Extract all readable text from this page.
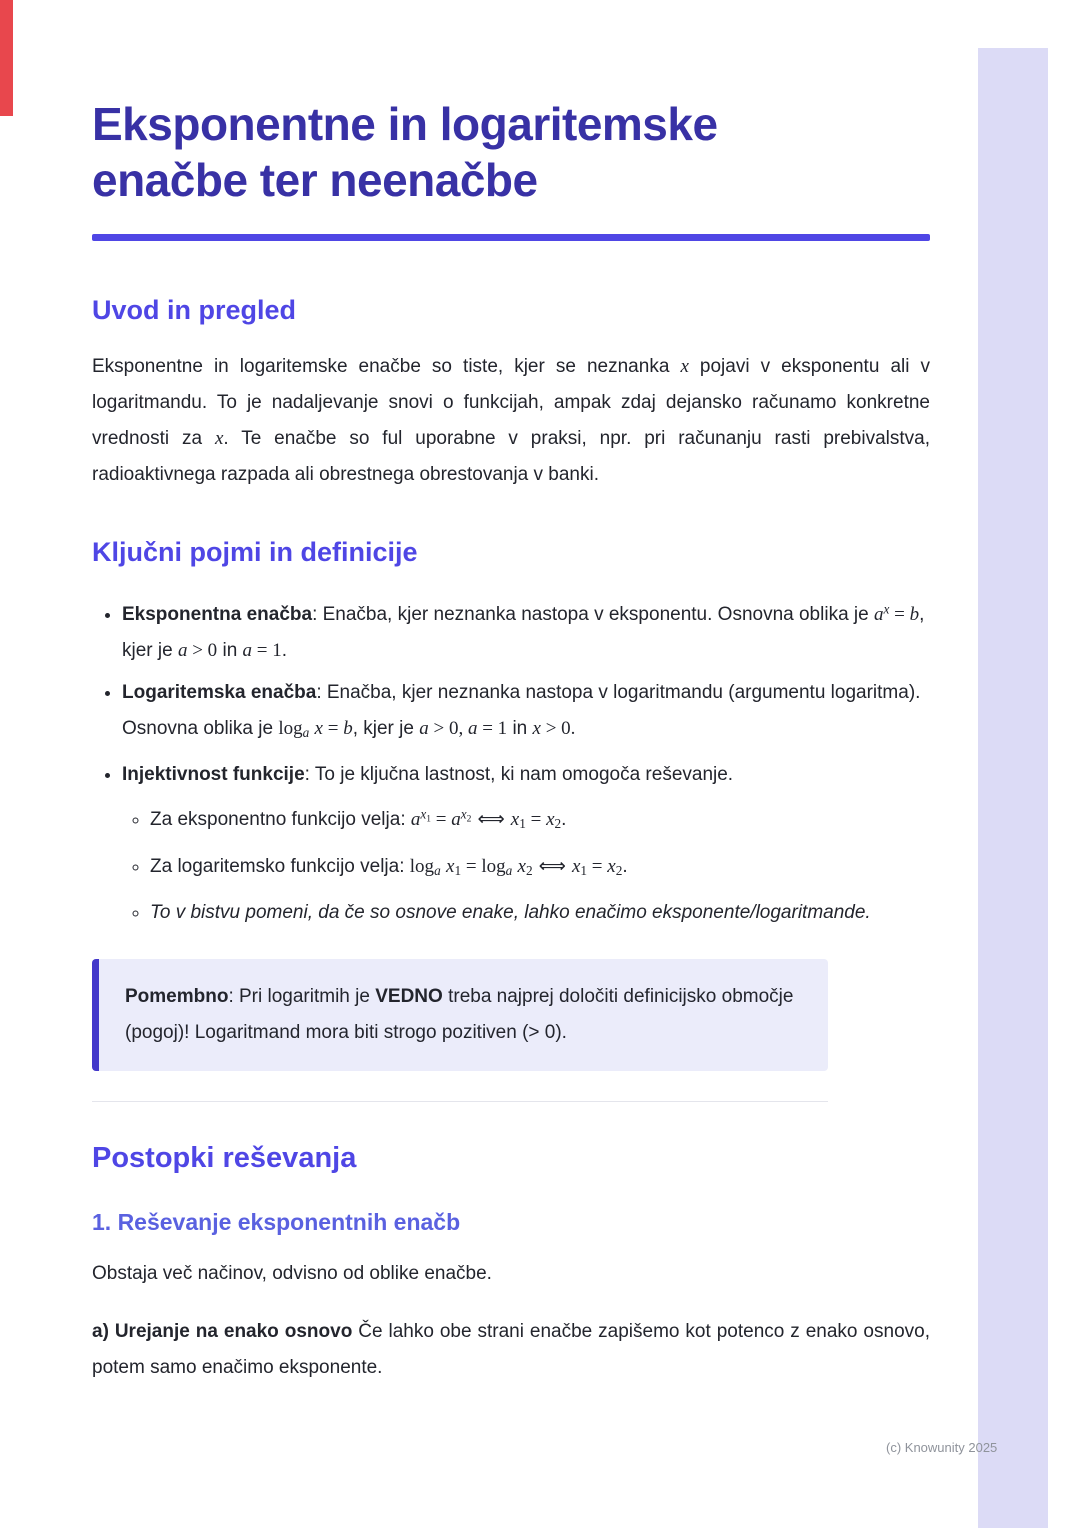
Eksponentne in logaritemske
enačbe ter neenačbe
Uvod in pregled

Eksponentne in logaritemske enačbe so tiste, kjer se neznanka x pojavi v eksponentu ali v logaritmandu. To je nadaljevanje snovi o funkcijah, ampak zdaj dejansko računamo konkretne vrednosti za x. Te enačbe so ful uporabne v praksi, npr. pri računanju rasti prebivalstva, radioaktivnega razpada ali obrestnega obrestovanja v banki.

Ključni pojmi in definicije
• Eksponentna enačba: Enačba, kjer neznanka nastopa v eksponentu. Osnovna oblika je $a^x = b$, kjer je a > 0 in a = 1.
• Logaritemska enačba: Enačba, kjer neznanka nastopa v logaritmandu (argumentu logaritma). Osnovna oblika je loga x = b, kjer je a > 0, a = 1 in x > 0.
• Injektivnost funkcije: To je ključna lastnost, ki nam omogoča reševanje.
◦ Za eksponentno funkcijo velja: $a^x1 = a^x2$ ⟺ x1 = x2.
◦ Za logaritemsko funkcijo velja: loga x1 = loga x2 ⟺ x1 = x2.
◦ To v bistvu pomeni, da če so osnove enake, lahko enačimo eksponente/logaritmande.

Pomembno: Pri logaritmih je VEDNO treba najprej določiti definicijsko območje (pogoj)! Logaritmand mora biti strogo pozitiven (> 0).

Postopki reševanja
1. Reševanje eksponentnih enačb

Obstaja več načinov, odvisno od oblike enačbe.

a) Urejanje na enako osnovo Če lahko obe strani enačbe zapišemo kot potenco z enako osnovo, potem samo enačimo eksponente.

(c) Knowunity 2025
